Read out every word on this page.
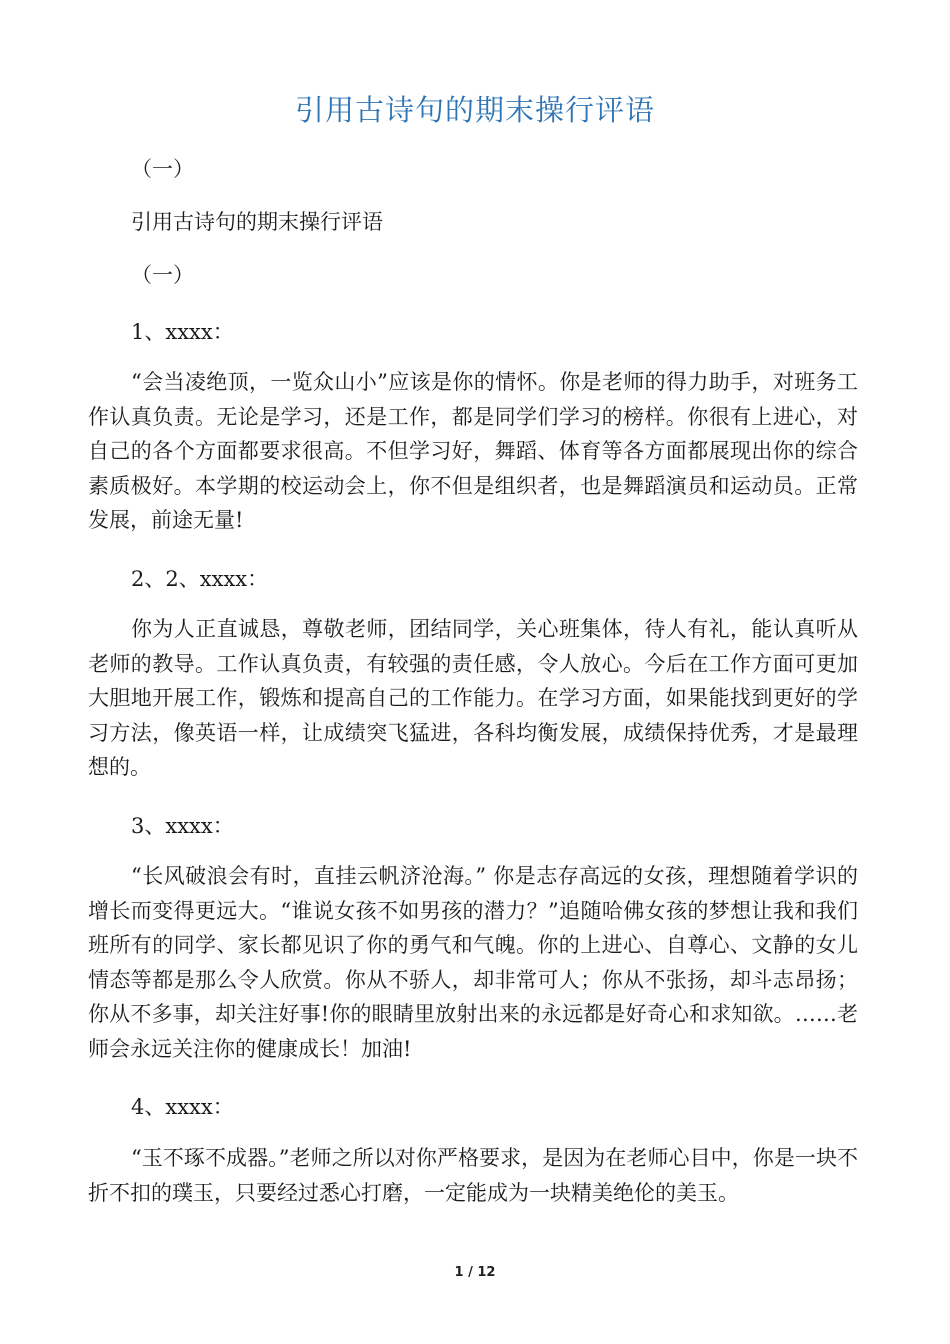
引用古诗句的期末操行评语
（一）
引用古诗句的期末操行评语
（一）
1、xxxx：
“会当凌绝顶，一览众山小”应该是你的情怀。你是老师的得力助手，对班务工作认真负责。无论是学习，还是工作，都是同学们学习的榜样。你很有上进心，对自己的各个方面都要求很高。不但学习好，舞蹈、体育等各方面都展现出你的综合素质极好。本学期的校运动会上，你不但是组织者，也是舞蹈演员和运动员。正常发展，前途无量!
2、2、xxxx：
你为人正直诚恳，尊敬老师，团结同学，关心班集体，待人有礼，能认真听从老师的教导。工作认真负责，有较强的责任感，令人放心。今后在工作方面可更加大胆地开展工作，锻炼和提高自己的工作能力。在学习方面，如果能找到更好的学习方法，像英语一样，让成绩突飞猛进，各科均衡发展，成绩保持优秀，才是最理想的。
3、xxxx：
“长风破浪会有时，直挂云帆济沧海。” 你是志存高远的女孩，理想随着学识的增长而变得更远大。“谁说女孩不如男孩的潜力？”追随哈佛女孩的梦想让我和我们班所有的同学、家长都见识了你的勇气和气魄。你的上进心、自尊心、文静的女儿情态等都是那么令人欣赏。你从不骄人，却非常可人；你从不张扬，却斗志昂扬；你从不多事，却关注好事!你的眼睛里放射出来的永远都是好奇心和求知欲。……老师会永远关注你的健康成长！加油!
4、xxxx：
“玉不琢不成器。”老师之所以对你严格要求，是因为在老师心目中，你是一块不折不扣的璞玉，只要经过悉心打磨，一定能成为一块精美绝伦的美玉。
1 / 12
